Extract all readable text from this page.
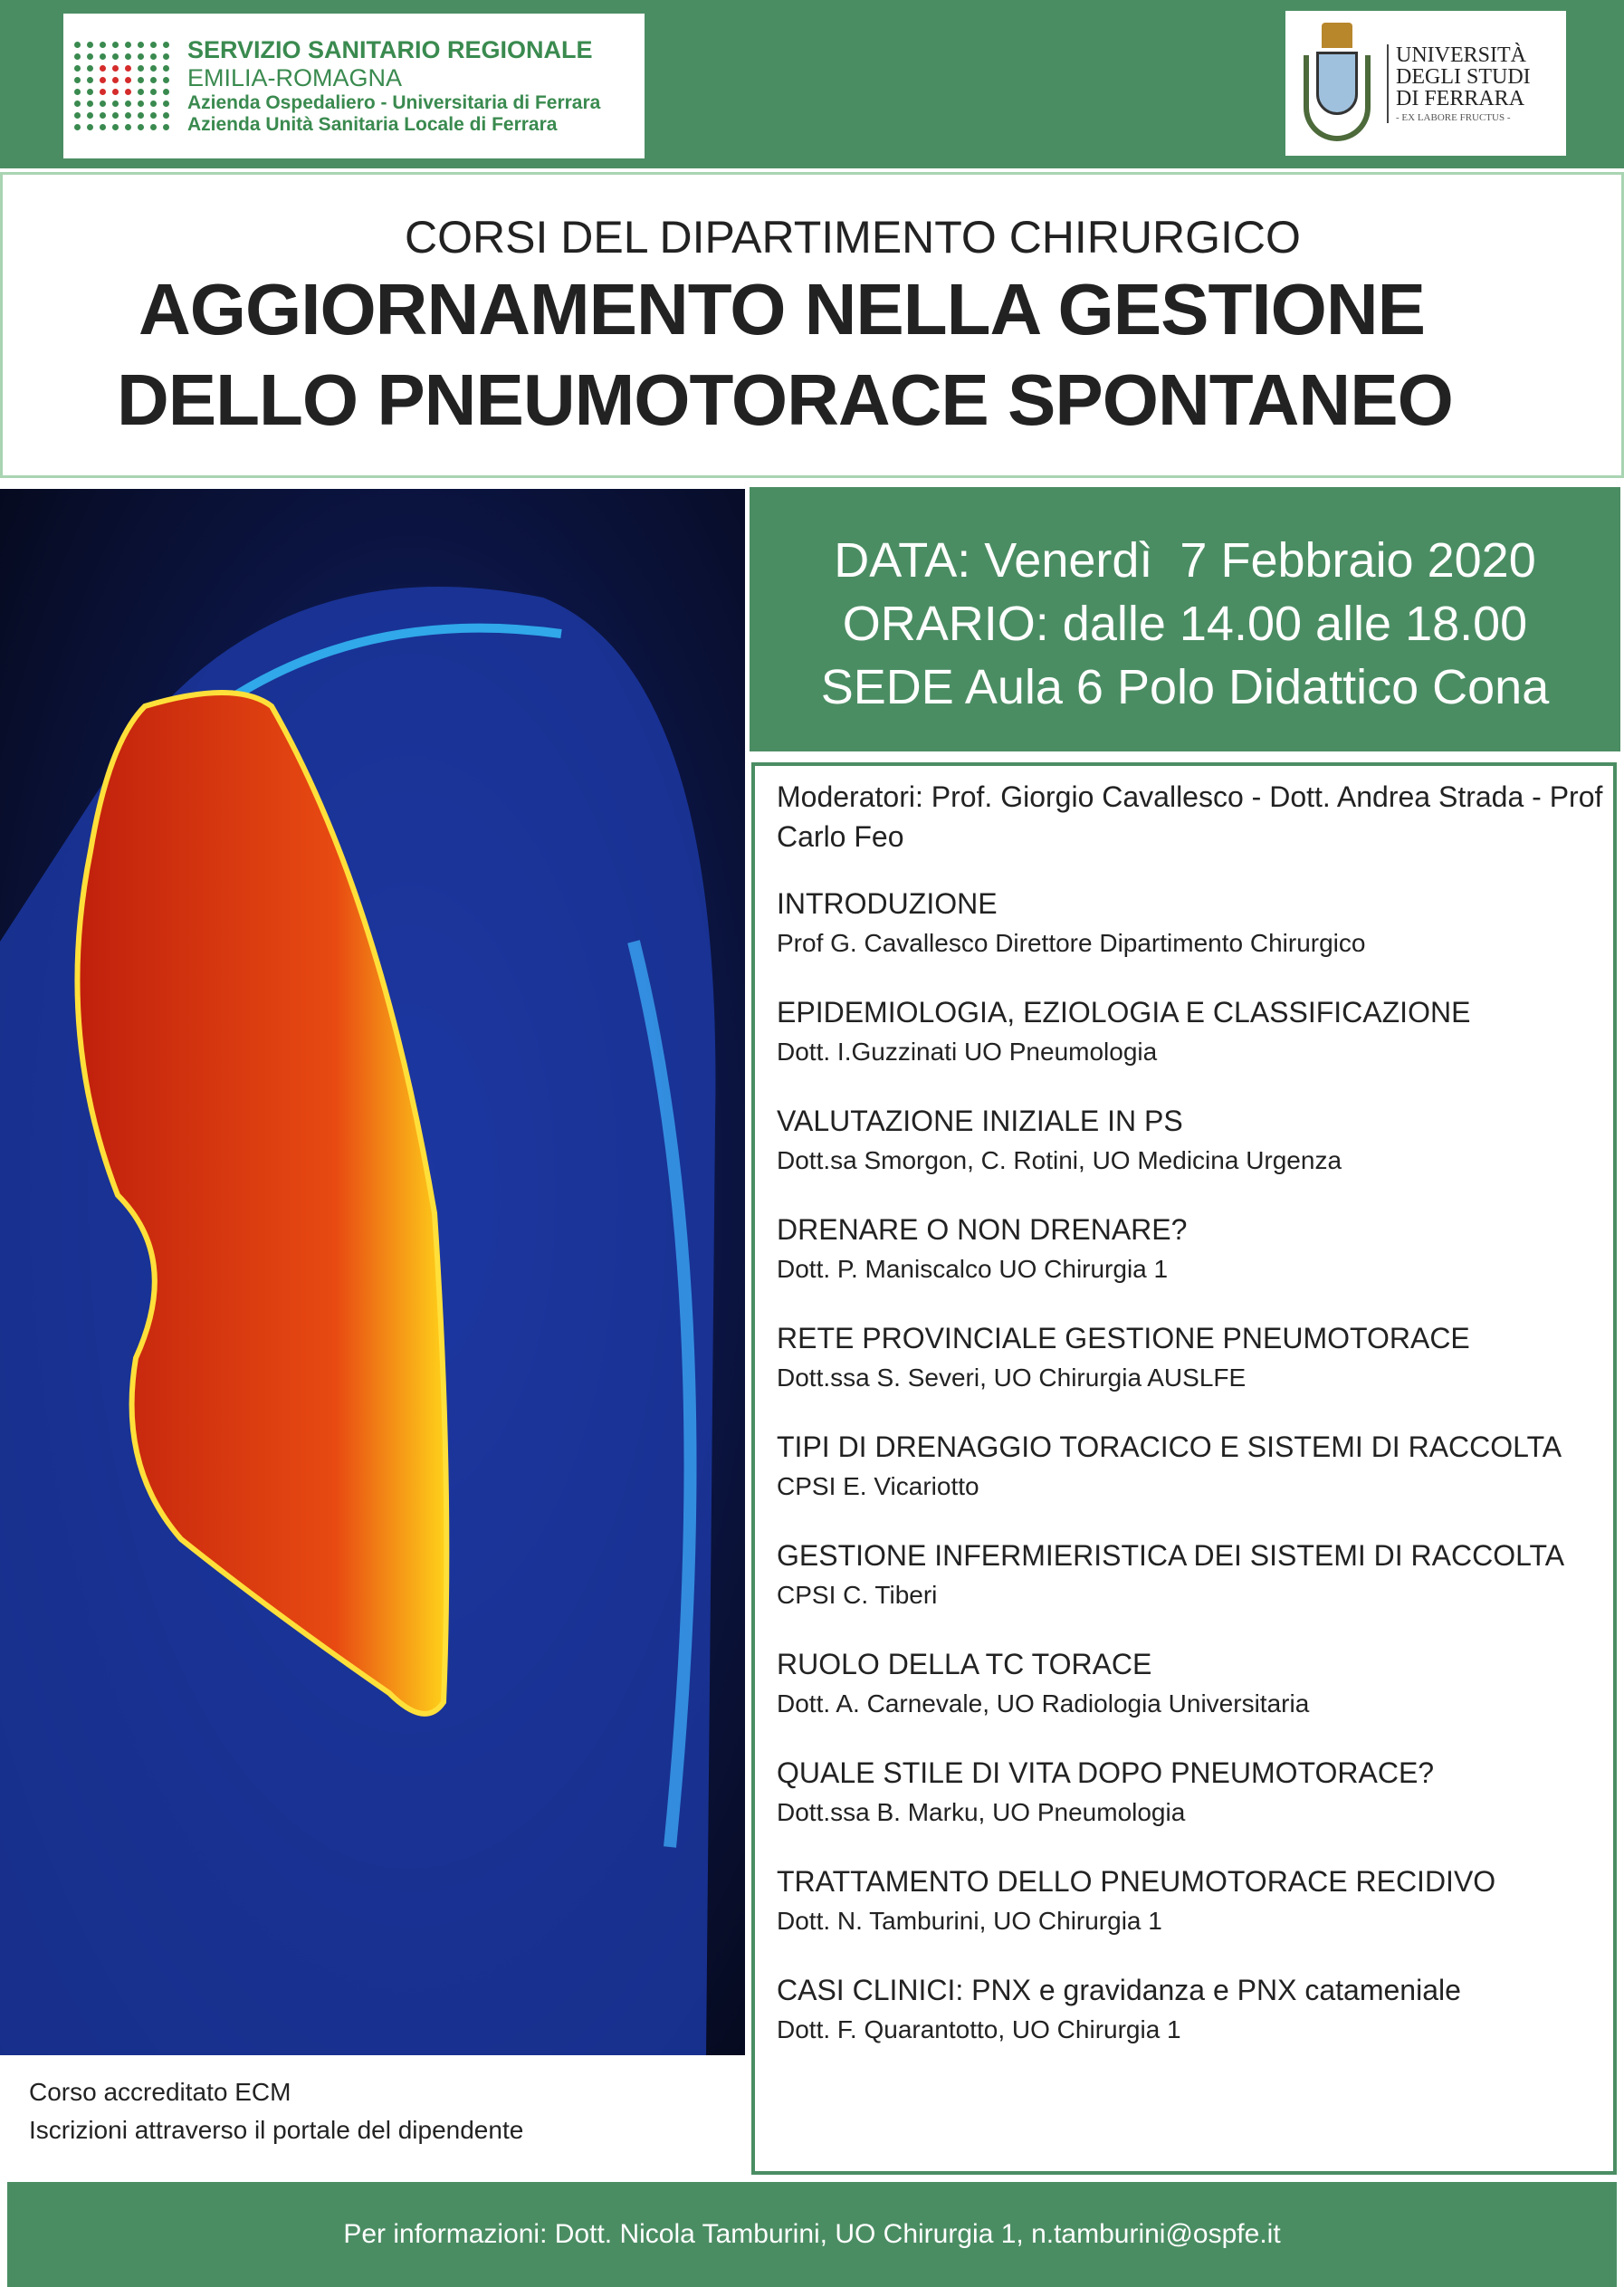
SERVIZIO SANITARIO REGIONALE
EMILIA-ROMAGNA
Azienda Ospedaliero - Universitaria di Ferrara
Azienda Unità Sanitaria Locale di Ferrara
UNIVERSITÀ
DEGLI STUDI
DI FERRARA
- EX LABORE FRUCTUS -
CORSI DEL DIPARTIMENTO CHIRURGICO
AGGIORNAMENTO NELLA GESTIONE
DELLO PNEUMOTORACE SPONTANEO
DATA: Venerdì  7 Febbraio 2020
ORARIO: dalle 14.00 alle 18.00
SEDE Aula 6 Polo Didattico Cona
Moderatori: Prof. Giorgio Cavallesco - Dott. Andrea Strada - Prof Carlo Feo
INTRODUZIONE
Prof G. Cavallesco Direttore Dipartimento Chirurgico
EPIDEMIOLOGIA, EZIOLOGIA E CLASSIFICAZIONE
Dott. I.Guzzinati UO Pneumologia
VALUTAZIONE INIZIALE IN PS
Dott.sa Smorgon, C. Rotini, UO Medicina Urgenza
DRENARE O NON DRENARE?
Dott. P. Maniscalco UO Chirurgia 1
RETE PROVINCIALE GESTIONE PNEUMOTORACE
Dott.ssa S. Severi, UO Chirurgia AUSLFE
TIPI DI DRENAGGIO TORACICO E SISTEMI DI RACCOLTA
CPSI E. Vicariotto
GESTIONE INFERMIERISTICA DEI SISTEMI DI RACCOLTA
CPSI C. Tiberi
RUOLO DELLA TC TORACE
Dott. A. Carnevale, UO Radiologia Universitaria
QUALE STILE DI VITA DOPO PNEUMOTORACE?
Dott.ssa B. Marku, UO Pneumologia
TRATTAMENTO DELLO PNEUMOTORACE RECIDIVO
Dott. N. Tamburini, UO Chirurgia 1
CASI CLINICI: PNX e gravidanza e PNX catameniale
Dott. F. Quarantotto, UO Chirurgia 1
Corso accreditato ECM
Iscrizioni attraverso il portale del dipendente
Per informazioni: Dott. Nicola Tamburini, UO Chirurgia 1, n.tamburini@ospfe.it
